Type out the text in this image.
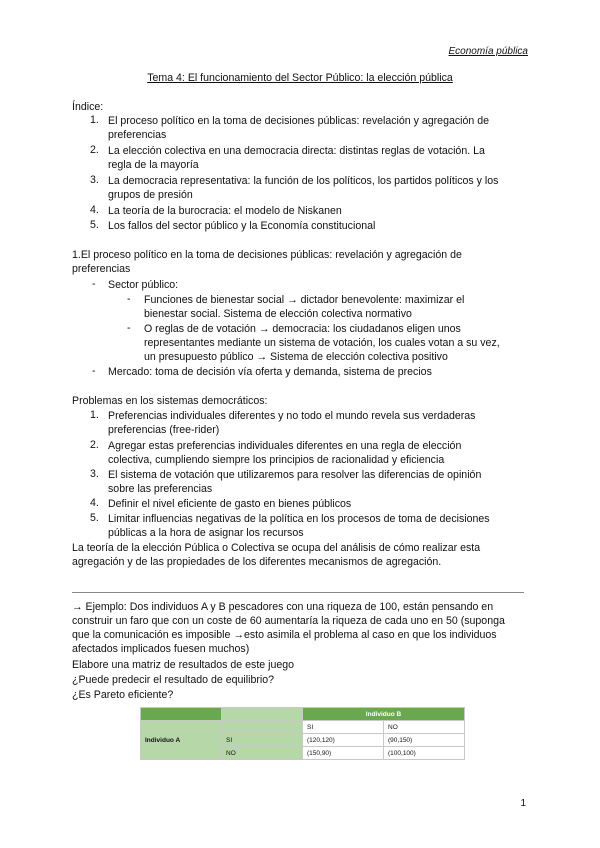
Economía pública
Tema 4: El funcionamiento del Sector Público: la elección pública
Índice:
1. El proceso político en la toma de decisiones públicas: revelación y agregación de
preferencias
2. La elección colectiva en una democracia directa: distintas reglas de votación. La
regla de la mayoría
3. La democracia representativa: la función de los políticos, los partidos políticos y los
grupos de presión
4. La teoría de la burocracia: el modelo de Niskanen
5. Los fallos del sector público y la Economía constitucional
1.El proceso político en la toma de decisiones públicas: revelación y agregación de
preferencias
- Sector público:
- Funciones de bienestar social → dictador benevolente: maximizar el
bienestar social. Sistema de elección colectiva normativo
- O reglas de de votación → democracia: los ciudadanos eligen unos
representantes mediante un sistema de votación, los cuales votan a su vez,
un presupuesto público → Sistema de elección colectiva positivo
- Mercado: toma de decisión vía oferta y demanda, sistema de precios
Problemas en los sistemas democráticos:
1. Preferencias individuales diferentes y no todo el mundo revela sus verdaderas
preferencias (free-rider)
2. Agregar estas preferencias individuales diferentes en una regla de elección
colectiva, cumpliendo siempre los principios de racionalidad y eficiencia
3. El sistema de votación que utilizaremos para resolver las diferencias de opinión
sobre las preferencias
4. Definir el nivel eficiente de gasto en bienes públicos
5. Limitar influencias negativas de la política en los procesos de toma de decisiones
públicas a la hora de asignar los recursos
La teoría de la elección Pública o Colectiva se ocupa del análisis de cómo realizar esta
agregación y de las propiedades de los diferentes mecanismos de agregación.
→ Ejemplo: Dos individuos A y B pescadores con una riqueza de 100, están pensando en
construir un faro que con un coste de 60 aumentaría la riqueza de cada uno en 50 (suponga
que la comunicación es imposible →esto asimila el problema al caso en que los individuos
afectados implicados fuesen muchos)
Elabore una matriz de resultados de este juego
¿Puede predecir el resultado de equilibrio?
¿Es Pareto eficiente?
		Individuo B	
Individuo A		SI	NO
	SI	(120,120)	(90,150)
	NO	(150,90)	(100,100)
1
